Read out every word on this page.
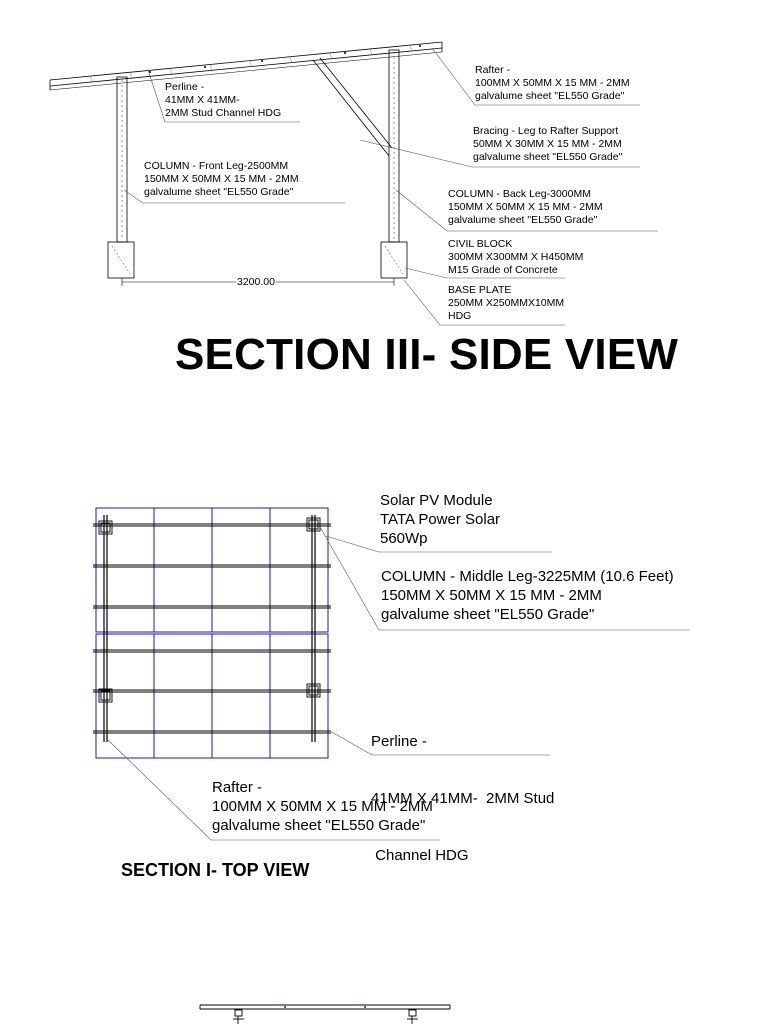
Rafter -
100MM X 50MM X 15 MM - 2MM
galvalume sheet "EL550 Grade"
Perline -
41MM X 41MM-
2MM Stud Channel HDG
Bracing - Leg to Rafter Support
50MM X 30MM X 15 MM - 2MM
galvalume sheet "EL550 Grade"
COLUMN - Front Leg-2500MM
150MM X 50MM X 15 MM - 2MM
galvalume sheet "EL550 Grade"	COLUMN - Back Leg-3000MM
150MM X 50MM X 15 MM - 2MM
galvalume sheet "EL550 Grade"
CIVIL BLOCK
300MM X300MM X H450MM
M15 Grade of Concrete
BASE PLATE
250MM X250MMX10MM
HDG
3200.00
SECTION III- SIDE VIEW
Solar PV Module
TATA Power Solar
560Wp
COLUMN - Middle Leg-3225MM (10.6 Feet)
150MM X 50MM X 15 MM - 2MM
galvalume sheet "EL550 Grade"

Perline -

41MM X 41MM-  2MM Stud

Channel HDG

Rafter -
100MM X 50MM X 15 MM - 2MM
galvalume sheet "EL550 Grade"
SECTION I- TOP VIEW
